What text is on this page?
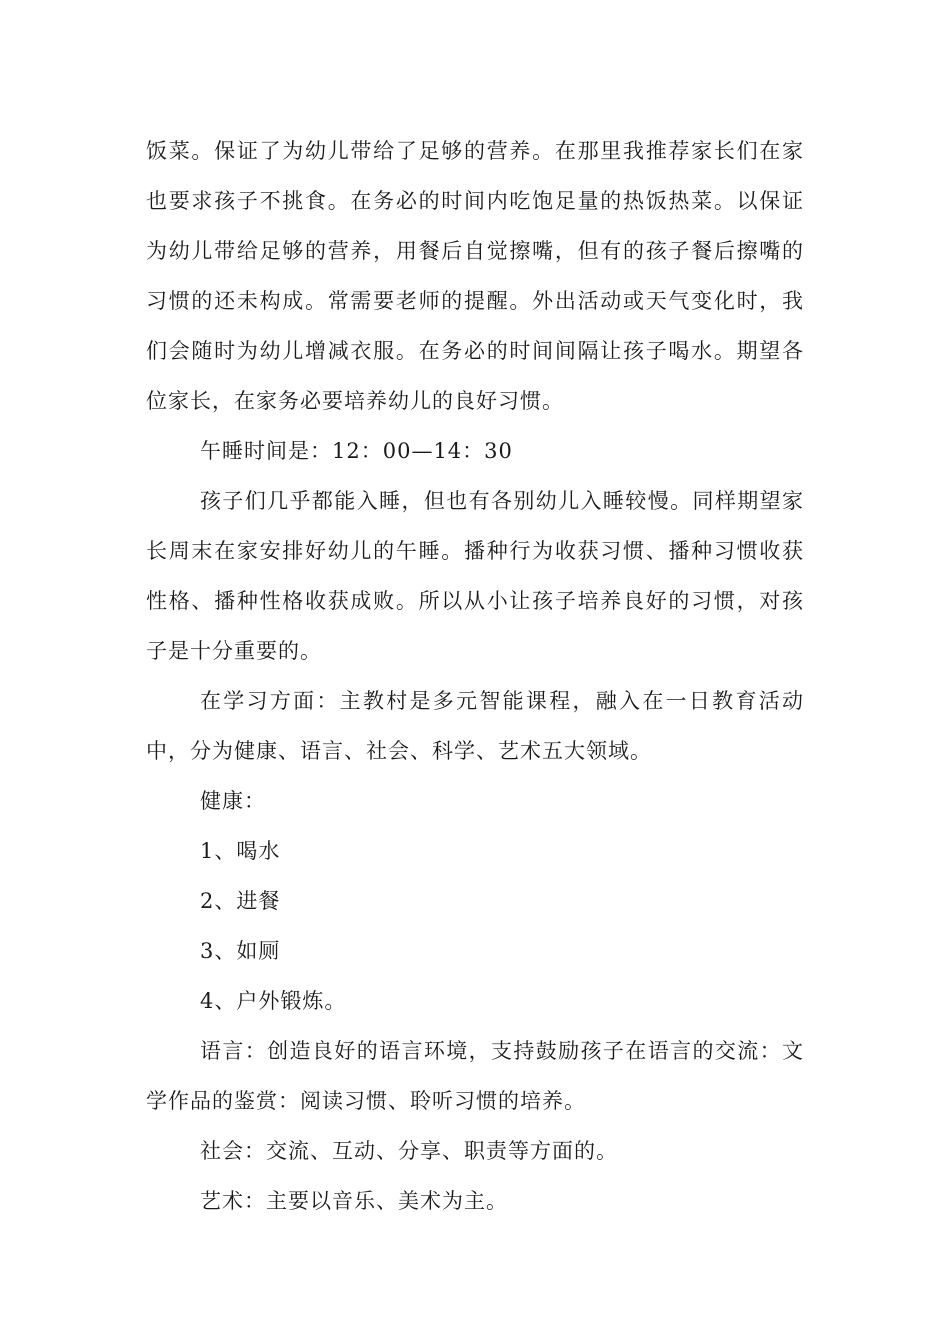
饭菜。保证了为幼儿带给了足够的营养。在那里我推荐家长们在家也要求孩子不挑食。在务必的时间内吃饱足量的热饭热菜。以保证为幼儿带给足够的营养，用餐后自觉擦嘴，但有的孩子餐后擦嘴的习惯的还未构成。常需要老师的提醒。外出活动或天气变化时，我们会随时为幼儿增减衣服。在务必的时间间隔让孩子喝水。期望各位家长，在家务必要培养幼儿的良好习惯。

午睡时间是：12：00—14：30

孩子们几乎都能入睡，但也有各别幼儿入睡较慢。同样期望家长周末在家安排好幼儿的午睡。播种行为收获习惯、播种习惯收获性格、播种性格收获成败。所以从小让孩子培养良好的习惯，对孩子是十分重要的。

在学习方面：主教村是多元智能课程，融入在一日教育活动中，分为健康、语言、社会、科学、艺术五大领域。

健康：

1、喝水

2、进餐

3、如厕

4、户外锻炼。

语言：创造良好的语言环境，支持鼓励孩子在语言的交流：文学作品的鉴赏：阅读习惯、聆听习惯的培养。

社会：交流、互动、分享、职责等方面的。

艺术：主要以音乐、美术为主。
